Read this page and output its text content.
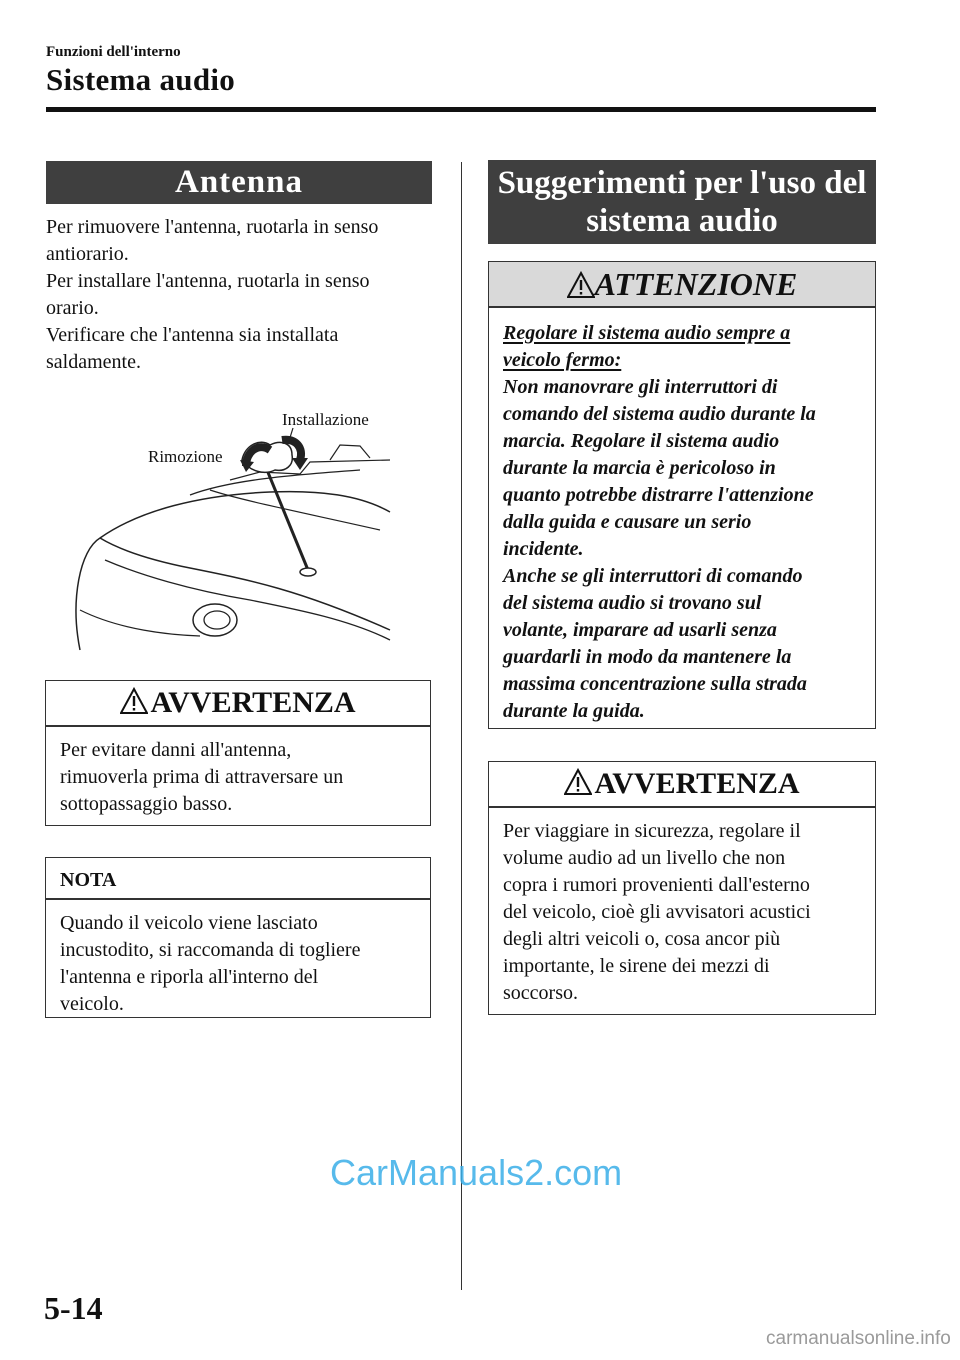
Funzioni dell'interno
Sistema audio
Antenna
Per rimuovere l'antenna, ruotarla in senso
antiorario.
Per installare l'antenna, ruotarla in senso
orario.
Verificare che l'antenna sia installata
saldamente.
Installazione
Rimozione
AVVERTENZA
Per evitare danni all'antenna,
rimuoverla prima di attraversare un
sottopassaggio basso.
NOTA
Quando il veicolo viene lasciato
incustodito, si raccomanda di togliere
l'antenna e riporla all'interno del
veicolo.
Suggerimenti per l'uso del
sistema audio
ATTENZIONE
Regolare il sistema audio sempre a
veicolo fermo:
Non manovrare gli interruttori di
comando del sistema audio durante la
marcia. Regolare il sistema audio
durante la marcia è pericoloso in
quanto potrebbe distrarre l'attenzione
dalla guida e causare un serio
incidente.
Anche se gli interruttori di comando
del sistema audio si trovano sul
volante, imparare ad usarli senza
guardarli in modo da mantenere la
massima concentrazione sulla strada
durante la guida.
AVVERTENZA
Per viaggiare in sicurezza, regolare il
volume audio ad un livello che non
copra i rumori provenienti dall'esterno
del veicolo, cioè gli avvisatori acustici
degli altri veicoli o, cosa ancor più
importante, le sirene dei mezzi di
soccorso.
5-14
CarManuals2.com
carmanualsonline.info
